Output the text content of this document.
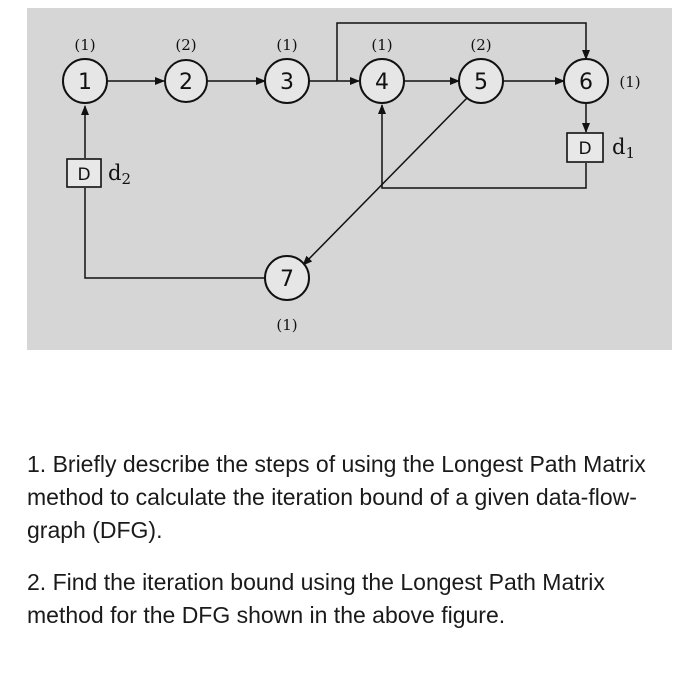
D d2
D d1
1
(1)
2
(2)
3
(1)
4
(1)
5
(2)
6 (1)
7
(1)

1. Briefly describe the steps of using the Longest Path Matrix method to calculate the iteration bound of a given data-flow-graph (DFG).

2. Find the iteration bound using the Longest Path Matrix method for the DFG shown in the above figure.
